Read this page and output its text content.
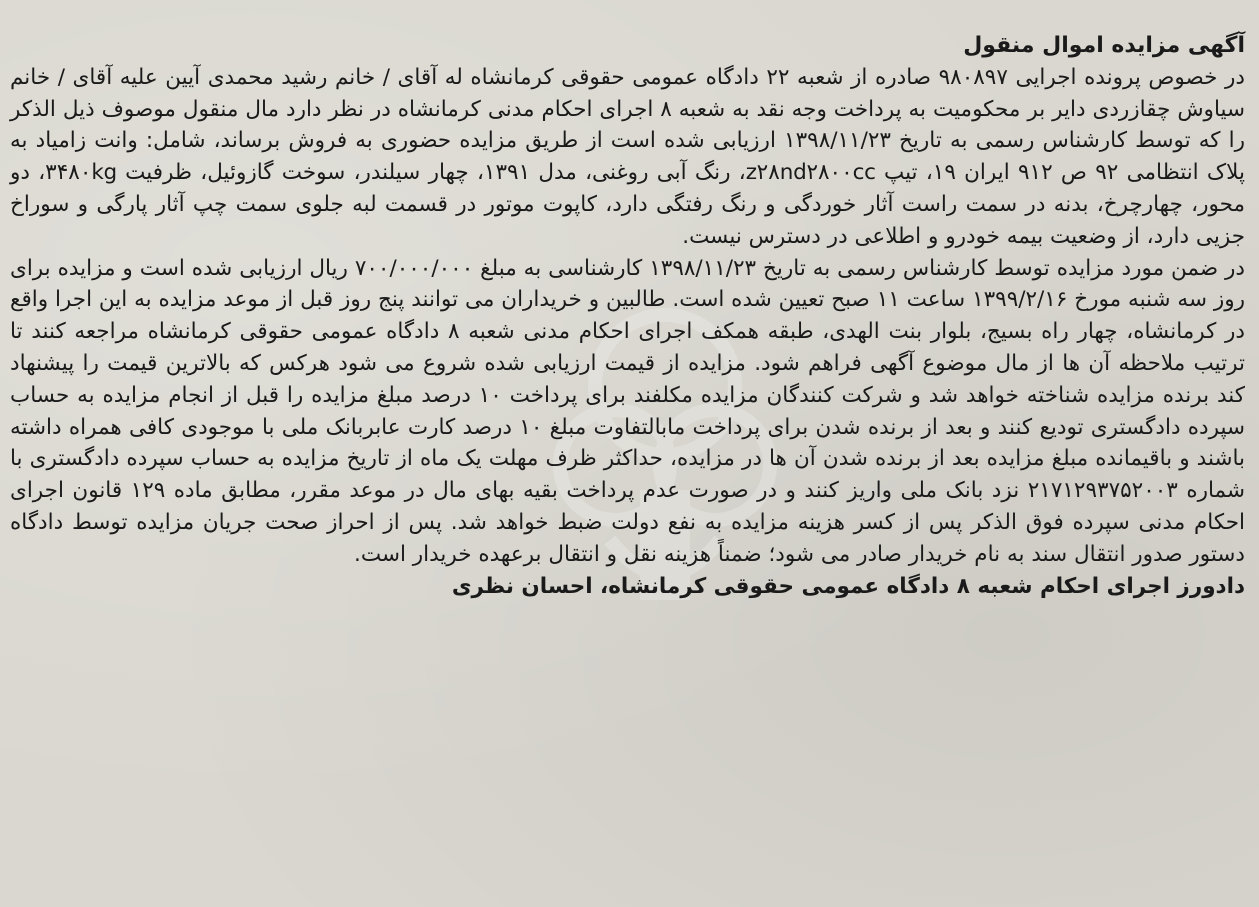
آگهی مزایده اموال منقول

در خصوص پرونده اجرایی ۹۸۰۸۹۷ صادره از شعبه ۲۲ دادگاه عمومی حقوقی کرمانشاه له آقای / خانم رشید محمدی آیین علیه آقای / خانم سیاوش چقازردی دایر بر محکومیت به پرداخت وجه نقد به شعبه ۸ اجرای احکام مدنی کرمانشاه در نظر دارد مال منقول موصوف ذیل الذکر را که توسط کارشناس رسمی به تاریخ ۱۳۹۸/۱۱/۲۳ ارزیابی شده است از طریق مزایده حضوری به فروش برساند، شامل: وانت زامیاد به پلاک انتظامی ۹۲ ص ۹۱۲ ایران ۱۹، تیپ z۲۸nd۲۸۰۰cc، رنگ آبی روغنی، مدل ۱۳۹۱، چهار سیلندر، سوخت گازوئیل، ظرفیت ۳۴۸۰kg، دو محور، چهارچرخ، بدنه در سمت راست آثار خوردگی و رنگ رفتگی دارد، کاپوت موتور در قسمت لبه جلوی سمت چپ آثار پارگی و سوراخ جزیی دارد، از وضعیت بیمه خودرو و اطلاعی در دسترس نیست.

در ضمن مورد مزایده توسط کارشناس رسمی به تاریخ ۱۳۹۸/۱۱/۲۳ کارشناسی به مبلغ ۷۰۰/۰۰۰/۰۰۰ ریال ارزیابی شده است و مزایده برای روز سه شنبه مورخ ۱۳۹۹/۲/۱۶ ساعت ۱۱ صبح تعیین شده است. طالبین و خریداران می توانند پنج روز قبل از موعد مزایده به این اجرا واقع در کرمانشاه، چهار راه بسیج، بلوار بنت الهدی، طبقه همکف اجرای احکام مدنی شعبه ۸ دادگاه عمومی حقوقی کرمانشاه مراجعه کنند تا ترتیب ملاحظه آن ها از مال موضوع آگهی فراهم شود. مزایده از قیمت ارزیابی شده شروع می شود هرکس که بالاترین قیمت را پیشنهاد کند برنده مزایده شناخته خواهد شد و شرکت کنندگان مزایده مکلفند برای پرداخت ۱۰ درصد مبلغ مزایده را قبل از انجام مزایده به حساب سپرده دادگستری تودیع کنند و بعد از برنده شدن برای پرداخت مابالتفاوت مبلغ ۱۰ درصد کارت عابربانک ملی با موجودی کافی همراه داشته باشند و باقیمانده مبلغ مزایده بعد از برنده شدن آن ها در مزایده، حداکثر ظرف مهلت یک ماه از تاریخ مزایده به حساب سپرده دادگستری با شماره ۲۱۷۱۲۹۳۷۵۲۰۰۳ نزد بانک ملی واریز کنند و در صورت عدم پرداخت بقیه بهای مال در موعد مقرر، مطابق ماده ۱۲۹ قانون اجرای احکام مدنی سپرده فوق الذکر پس از کسر هزینه مزایده به نفع دولت ضبط خواهد شد. پس از احراز صحت جریان مزایده توسط دادگاه دستور صدور انتقال سند به نام خریدار صادر می شود؛ ضمناً هزینه نقل و انتقال برعهده خریدار است.

دادورز اجرای احکام شعبه ۸ دادگاه عمومی حقوقی کرمانشاه، احسان نظری
